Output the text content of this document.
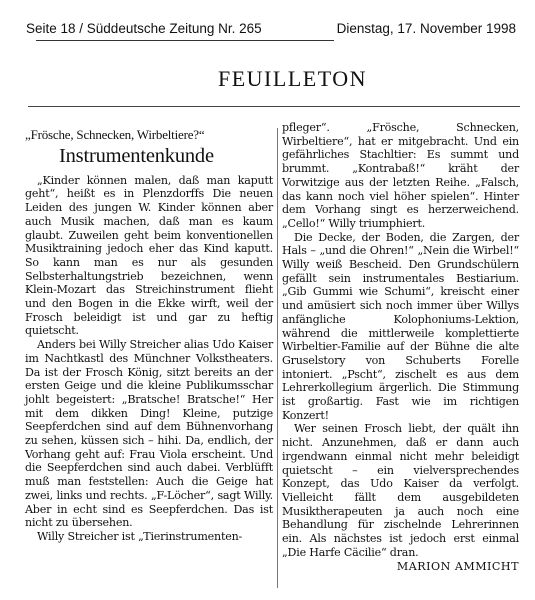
Seite 18 / Süddeutsche Zeitung Nr. 265	Dienstag, 17. November 1998
FEUILLETON
„Frösche, Schnecken, Wirbeltiere?“
Instrumentenkunde

„Kinder können malen, daß man kaputt geht“, heißt es in Plenzdorffs Die neuen Leiden des jungen W. Kinder können aber auch Musik machen, daß man es kaum glaubt. Zuweilen geht beim konventionellen Musiktraining jedoch eher das Kind kaputt. So kann man es nur als gesunden Selbsterhaltungstrieb bezeichnen, wenn Klein-Mozart das Streichinstrument flieht und den Bogen in die Ekke wirft, weil der Frosch beleidigt ist und gar zu heftig quietscht.

Anders bei Willy Streicher alias Udo Kaiser im Nachtkastl des Münchner Volkstheaters. Da ist der Frosch König, sitzt bereits an der ersten Geige und die kleine Publikumsschar johlt begeistert: „Bratsche! Bratsche!“ Her mit dem dikken Ding! Kleine, putzige Seepferdchen sind auf dem Bühnenvorhang zu sehen, küssen sich – hihi. Da, endlich, der Vorhang geht auf: Frau Viola erscheint. Und die Seepferdchen sind auch dabei. Verblüfft muß man feststellen: Auch die Geige hat zwei, links und rechts. „F-Löcher“, sagt Willy. Aber in echt sind es Seepferdchen. Das ist nicht zu übersehen.

Willy Streicher ist „Tierinstrumenten-

pfleger“. „Frösche, Schnecken, Wirbeltiere“, hat er mitgebracht. Und ein gefährliches Stachltier: Es summt und brummt. „Kontrabaß!“ kräht der Vorwitzige aus der letzten Reihe. „Falsch, das kann noch viel höher spielen“. Hinter dem Vorhang singt es herzerweichend. „Cello!“ Willy triumphiert.

Die Decke, der Boden, die Zargen, der Hals – „und die Ohren!“ „Nein die Wirbel!“ Willy weiß Bescheid. Den Grundschülern gefällt sein instrumentales Bestiarium. „Gib Gummi wie Schumi“, kreischt einer und amüsiert sich noch immer über Willys anfängliche Kolophoniums-Lektion, während die mittlerweile komplettierte Wirbeltier-Familie auf der Bühne die alte Gruselstory von Schuberts Forelle intoniert. „Pscht“, zischelt es aus dem Lehrerkollegium ärgerlich. Die Stimmung ist großartig. Fast wie im richtigen Konzert!

Wer seinen Frosch liebt, der quält ihn nicht. Anzunehmen, daß er dann auch irgendwann einmal nicht mehr beleidigt quietscht – ein vielversprechendes Konzept, das Udo Kaiser da verfolgt. Vielleicht fällt dem ausgebildeten Musiktherapeuten ja auch noch eine Behandlung für zischelnde Lehrerinnen ein. Als nächstes ist jedoch erst einmal „Die Harfe Cäcilie“ dran.

MARION AMMICHT
